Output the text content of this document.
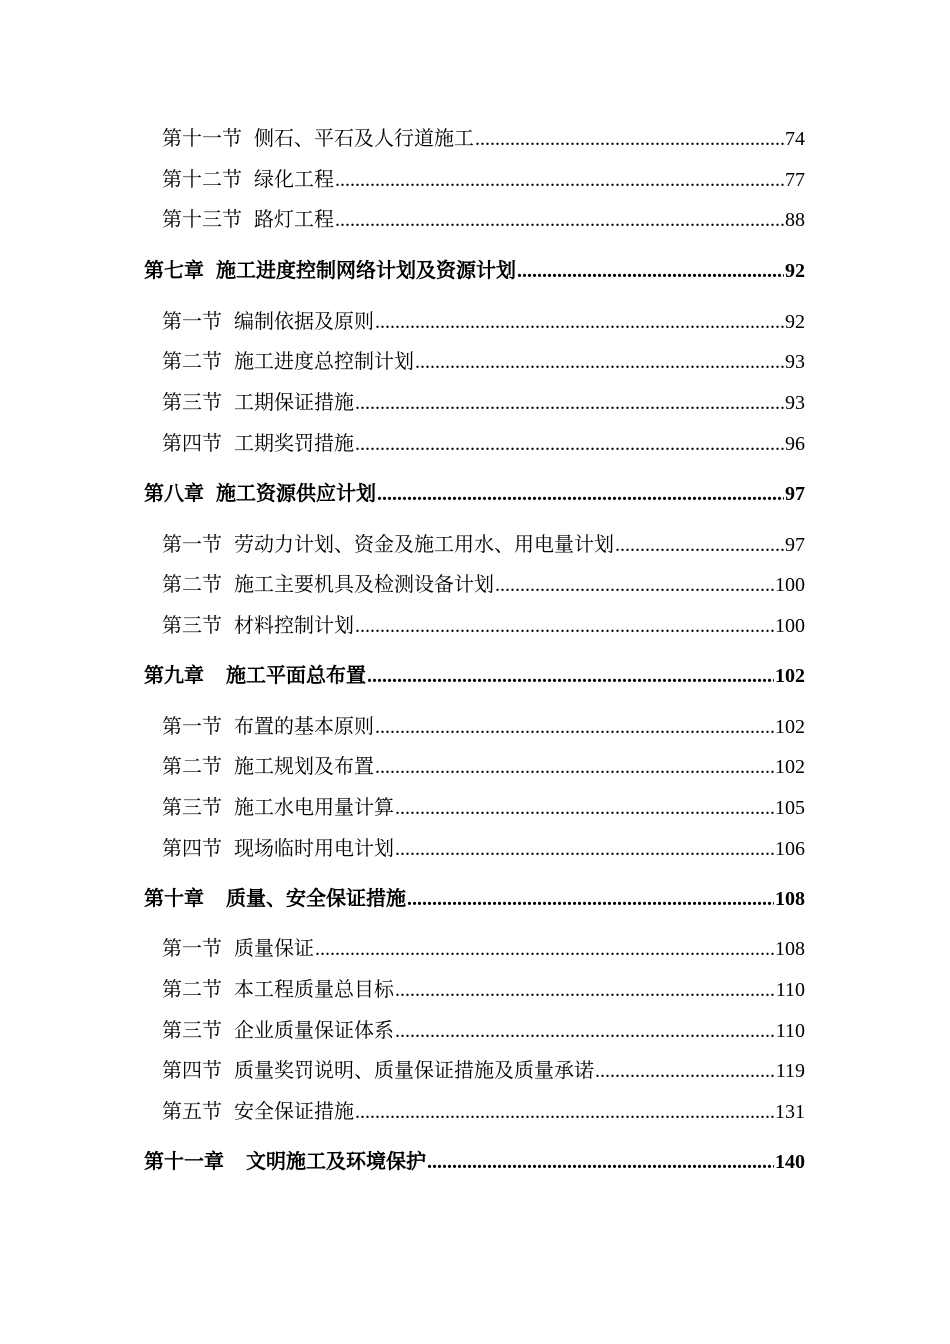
第十一节 侧石、平石及人行道施工 .....	74
第十二节 绿化工程 .....	77
第十三节 路灯工程 .....	88
第七章 施工进度控制网络计划及资源计划 .....	92
第一节 编制依据及原则 .....	92
第二节 施工进度总控制计划 .....	93
第三节 工期保证措施 .....	93
第四节 工期奖罚措施 .....	96
第八章 施工资源供应计划 .....	97
第一节 劳动力计划、资金及施工用水、用电量计划 .....	97
第二节 施工主要机具及检测设备计划 .....	100
第三节 材料控制计划 .....	100
第九章 施工平面总布置 .....	102
第一节 布置的基本原则 .....	102
第二节 施工规划及布置 .....	102
第三节 施工水电用量计算 .....	105
第四节 现场临时用电计划 .....	106
第十章 质量、安全保证措施 .....	108
第一节 质量保证 .....	108
第二节 本工程质量总目标 .....	110
第三节 企业质量保证体系 .....	110
第四节 质量奖罚说明、质量保证措施及质量承诺 .....	119
第五节 安全保证措施 .....	131
第十一章 文明施工及环境保护 .....	140
